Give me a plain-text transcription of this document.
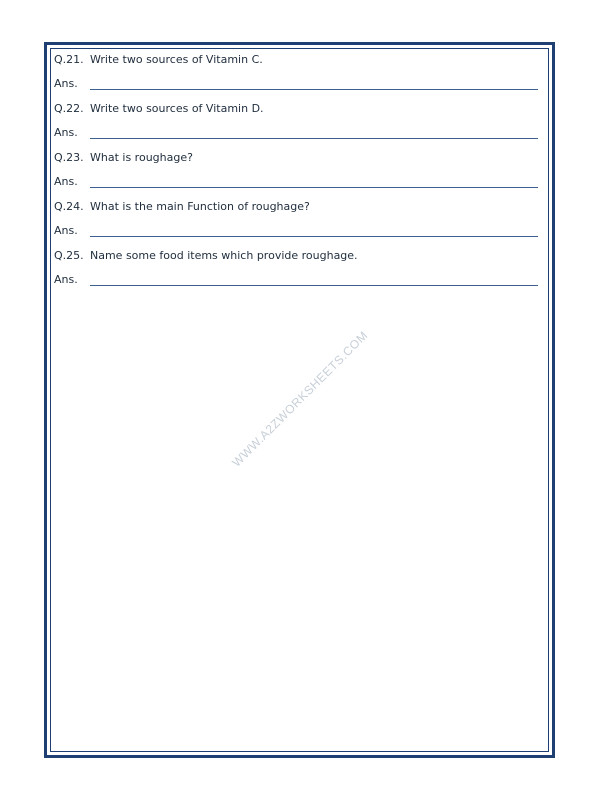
Q.21. Write two sources of Vitamin C.
Ans.
Q.22. Write two sources of Vitamin D.
Ans.
Q.23. What is roughage?
Ans.
Q.24. What is the main Function of roughage?
Ans.
Q.25. Name some food items which provide roughage.
Ans.
WWW.A2ZWORKSHEETS.COM
